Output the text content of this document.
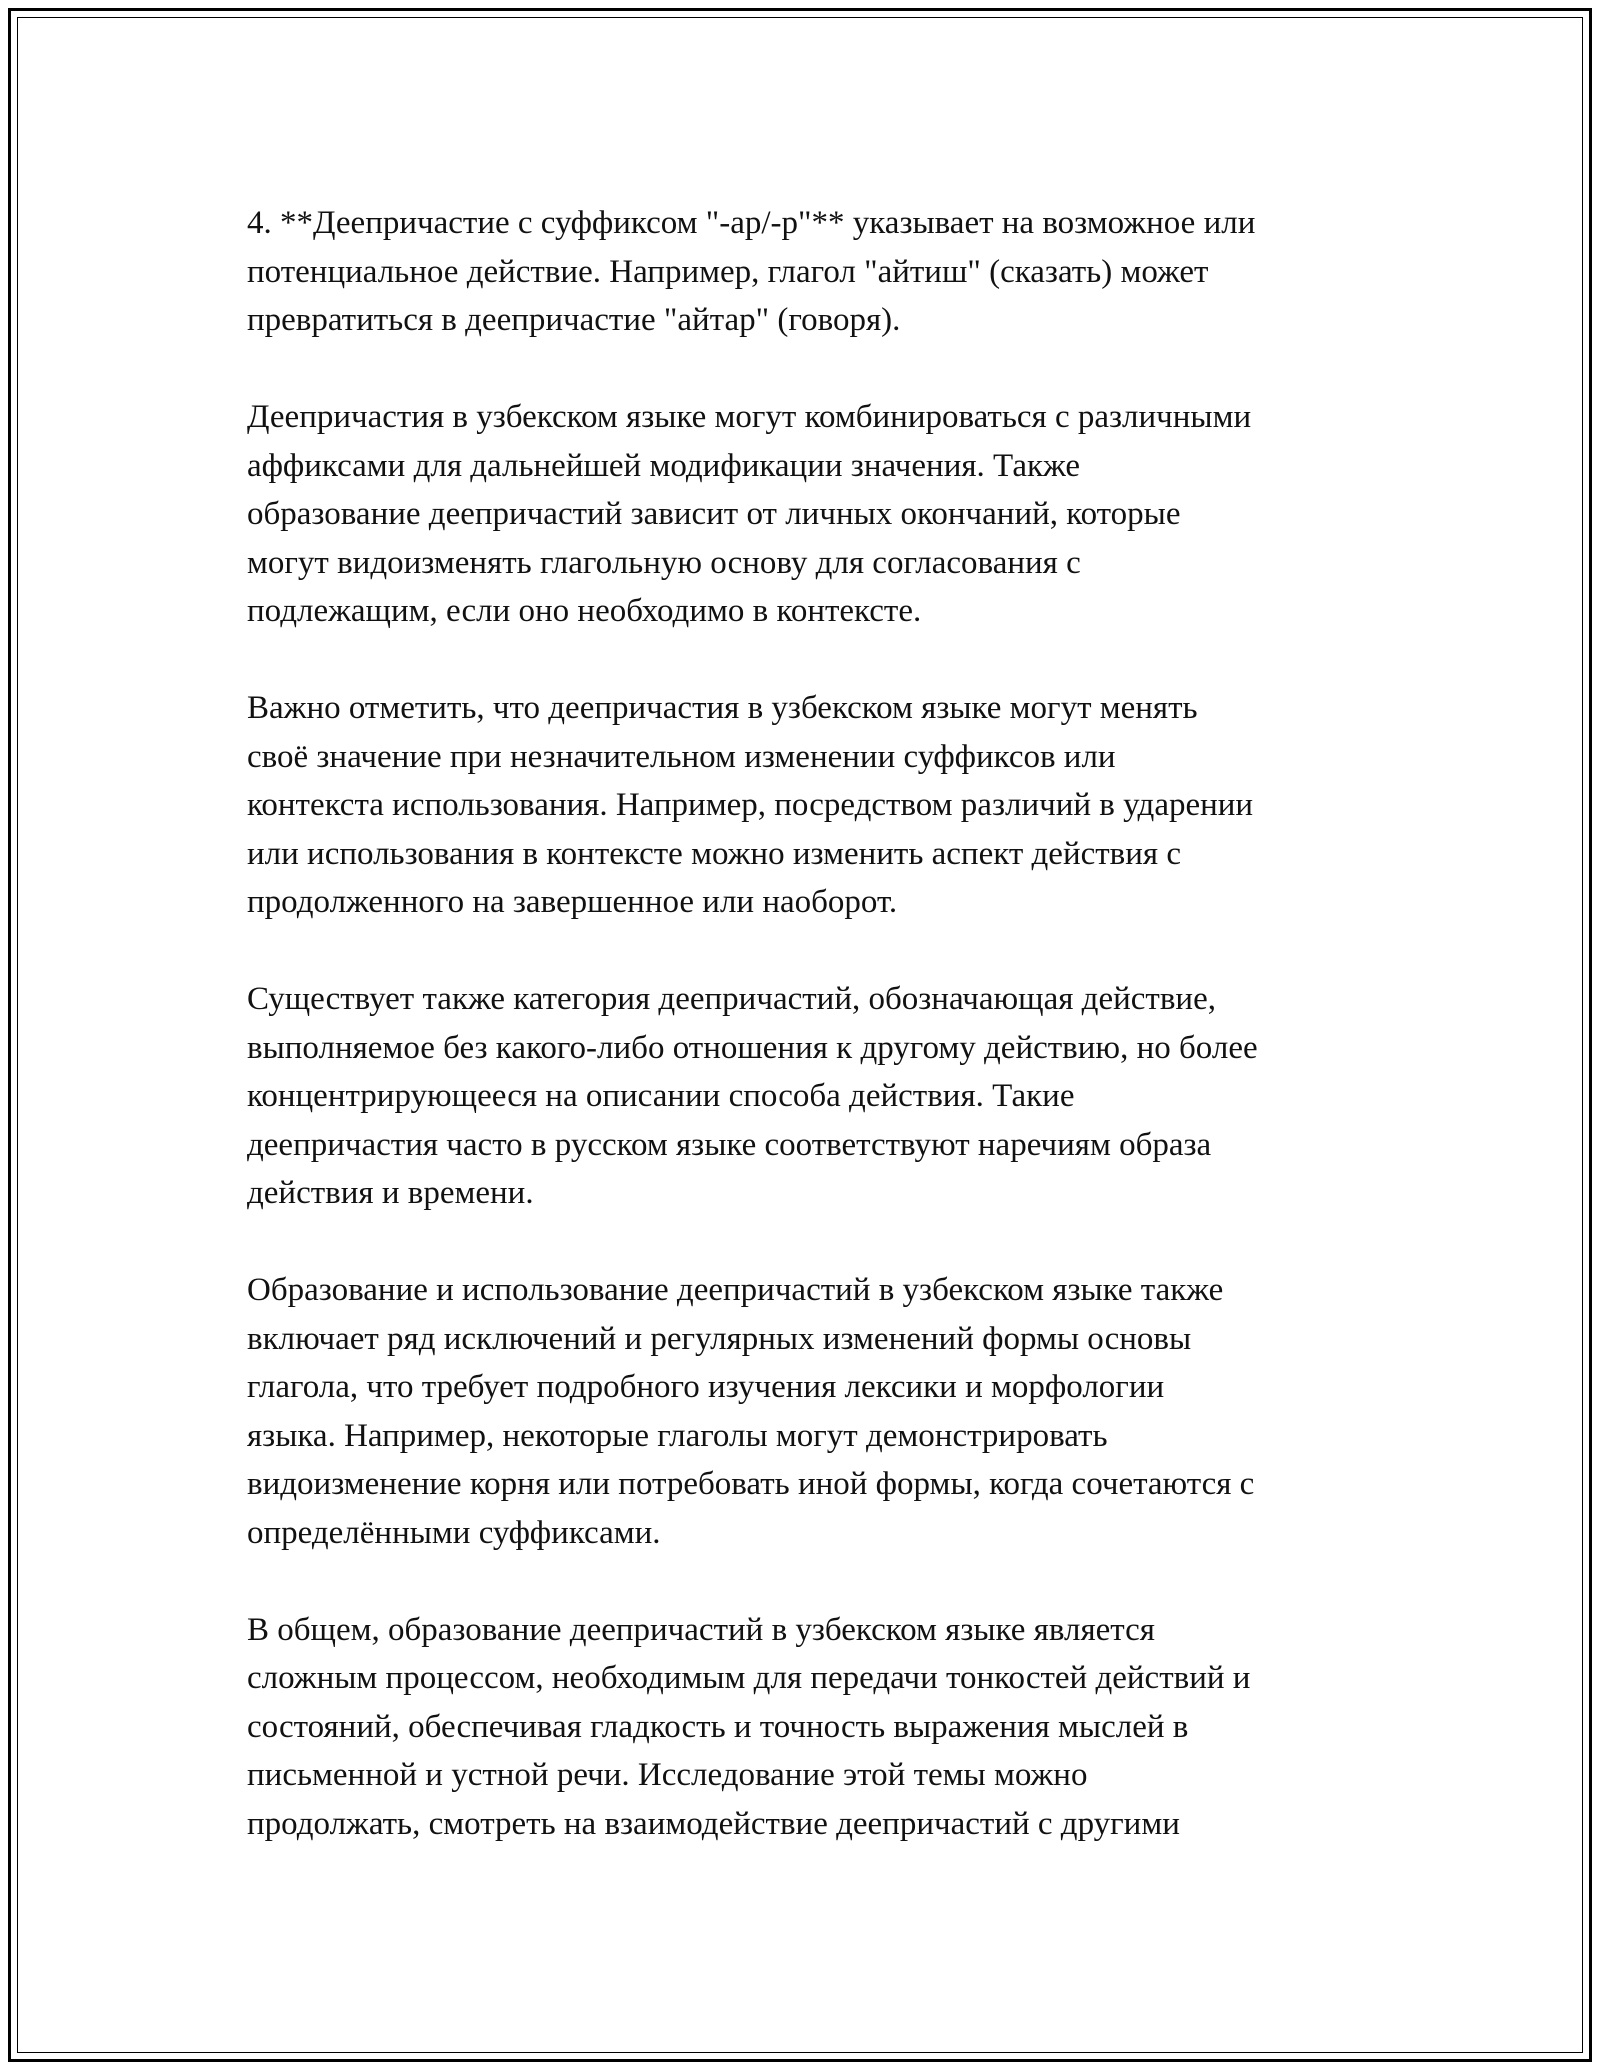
4. **Деепричастие с суффиксом "-ар/-р"** указывает на возможное или
потенциальное действие. Например, глагол "айтиш" (сказать) может
превратиться в деепричастие "айтар" (говоря).

Деепричастия в узбекском языке могут комбинироваться с различными
аффиксами для дальнейшей модификации значения. Также
образование деепричастий зависит от личных окончаний, которые
могут видоизменять глагольную основу для согласования с
подлежащим, если оно необходимо в контексте.

Важно отметить, что деепричастия в узбекском языке могут менять
своё значение при незначительном изменении суффиксов или
контекста использования. Например, посредством различий в ударении
или использования в контексте можно изменить аспект действия с
продолженного на завершенное или наоборот.

Существует также категория деепричастий, обозначающая действие,
выполняемое без какого-либо отношения к другому действию, но более
концентрирующееся на описании способа действия. Такие
деепричастия часто в русском языке соответствуют наречиям образа
действия и времени.

Образование и использование деепричастий в узбекском языке также
включает ряд исключений и регулярных изменений формы основы
глагола, что требует подробного изучения лексики и морфологии
языка. Например, некоторые глаголы могут демонстрировать
видоизменение корня или потребовать иной формы, когда сочетаются с
определёнными суффиксами.

В общем, образование деепричастий в узбекском языке является
сложным процессом, необходимым для передачи тонкостей действий и
состояний, обеспечивая гладкость и точность выражения мыслей в
письменной и устной речи. Исследование этой темы можно
продолжать, смотреть на взаимодействие деепричастий с другими
